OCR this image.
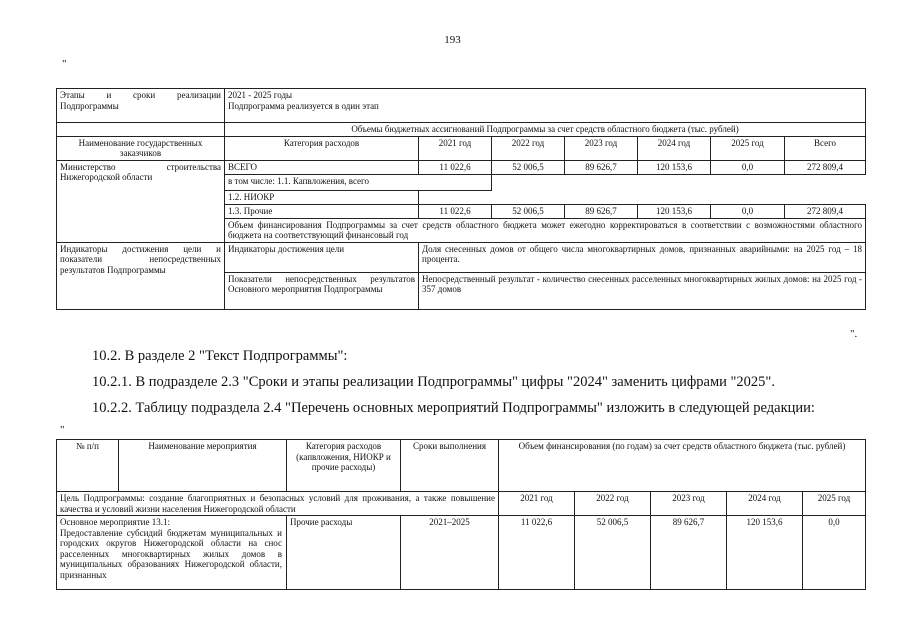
193
"
Этапы и сроки реализации Подпрограммы	2021 - 2025 годы
Подпрограмма реализуется в один этап						

	Объемы бюджетных ассигнований Подпрограммы за счет средств областного бюджета (тыс. рублей)						
Наименование государственных заказчиков	Категория расходов	2021 год	2022 год	2023 год	2024 год	2025 год	Всего
Министерство строительства Нижегородской области	ВСЕГО	11 022,6	52 006,5	89 626,7	120 153,6	0,0	272 809,4
	в том числе: 1.1. Капвложения, всего						
	1.2. НИОКР						
	1.3. Прочие	11 022,6	52 006,5	89 626,7	120 153,6	0,0	272 809,4
	Объем финансирования Подпрограммы за счет средств областного бюджета может ежегодно корректироваться в соответствии с возможностями областного бюджета на соответствующий финансовый год						
Индикаторы достижения цели и показатели непосредственных результатов Подпрограммы	Индикаторы достижения цели	Доля снесенных домов от общего числа многоквартирных домов, признанных аварийными: на 2025 год – 18 процента.					
	Показатели непосредственных результатов Основного мероприятия Подпрограммы	Непосредственный результат - количество снесенных расселенных многоквартирных жилых домов: на 2025 год - 357 домов					
".
10.2. В разделе 2 "Текст Подпрограммы":
10.2.1. В подразделе 2.3 "Сроки и этапы реализации Подпрограммы" цифры "2024" заменить цифрами "2025".
10.2.2. Таблицу подраздела 2.4 "Перечень основных мероприятий Подпрограммы" изложить в следующей редакции:
"
№ п/п	Наименование мероприятия	Категория расходов (капвложения, НИОКР и прочие расходы)	Сроки выполнения	Объем финансирования (по годам) за счет средств областного бюджета (тыс. рублей)				
Цель Подпрограммы: создание благоприятных и безопасных условий для проживания, а также повышение качества и условий жизни населения Нижегородской области				2021 год	2022 год	2023 год	2024 год	2025 год

Основное мероприятие 13.1:
Предоставление субсидий бюджетам муниципальных и городских округов Нижегородской области на снос расселенных многоквартирных жилых домов в муниципальных образованиях Нижегородской области, признанных		Прочие расходы	2021–2025	11 022,6	52 006,5	89 626,7	120 153,6	0,0
